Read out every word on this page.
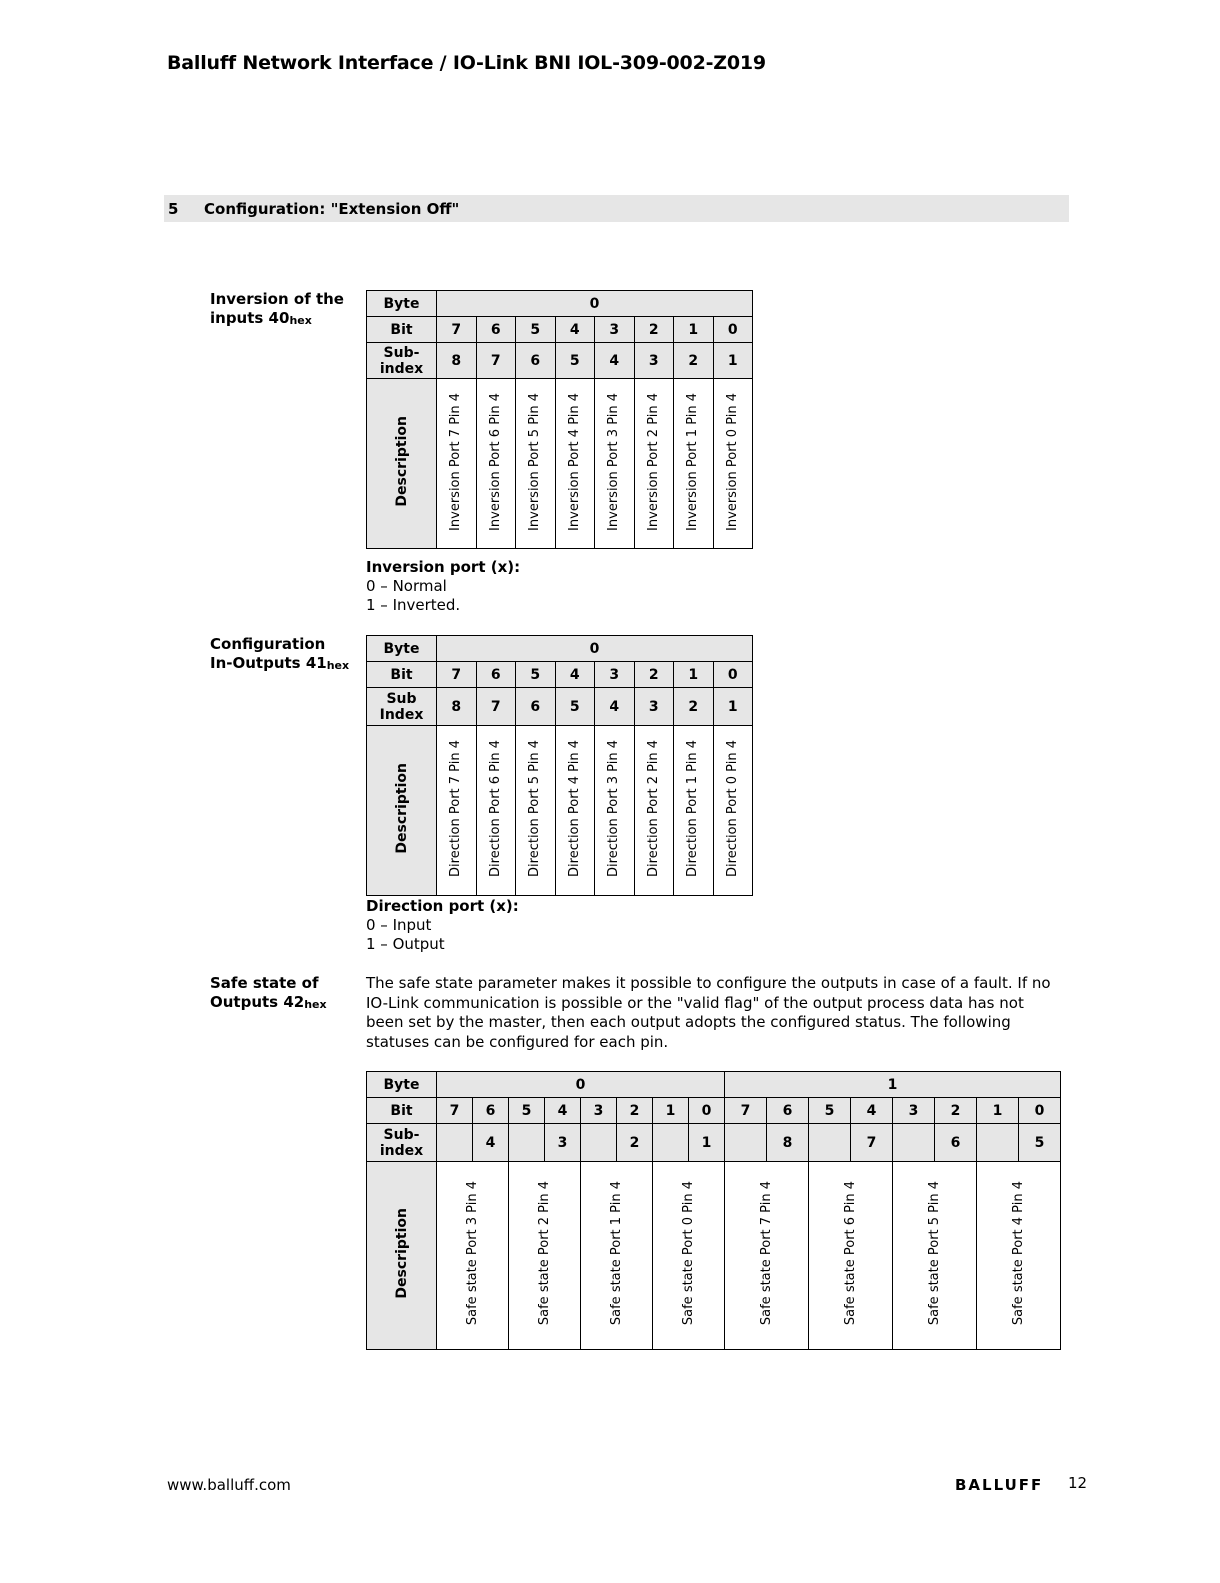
Balluff Network Interface / IO-Link BNI IOL-309-002-Z019
5 Configuration: "Extension Off"
Inversion of the
inputs $40_{hex}$
Byte	0							
Bit	7	6	5	4	3	2	1	0
Sub-
index	8	7	6	5	4	3	2	1
Description	Inversion Port 7 Pin 4	Inversion Port 6 Pin 4	Inversion Port 5 Pin 4	Inversion Port 4 Pin 4	Inversion Port 3 Pin 4	Inversion Port 2 Pin 4	Inversion Port 1 Pin 4	Inversion Port 0 Pin 4
Inversion port (x):
0 – Normal
1 – Inverted.
Configuration
In-Outputs $41_{hex}$
Byte	0							
Bit	7	6	5	4	3	2	1	0
Sub
Index	8	7	6	5	4	3	2	1
Description	Direction Port 7 Pin 4	Direction Port 6 Pin 4	Direction Port 5 Pin 4	Direction Port 4 Pin 4	Direction Port 3 Pin 4	Direction Port 2 Pin 4	Direction Port 1 Pin 4	Direction Port 0 Pin 4
Direction port (x):
0 – Input
1 – Output
Safe state of
Outputs $42_{hex}$
The safe state parameter makes it possible to configure the outputs in case of a fault. If no IO-Link communication is possible or the "valid flag" of the output process data has not been set by the master, then each output adopts the configured status. The following statuses can be configured for each pin.
Byte	0								1							
Bit	7	6	5	4	3	2	1	0	7	6	5	4	3	2	1	0
Sub-
index		4		3		2		1		8		7		6		5
Description	Safe state Port 3 Pin 4		Safe state Port 2 Pin 4		Safe state Port 1 Pin 4		Safe state Port 0 Pin 4		Safe state Port 7 Pin 4		Safe state Port 6 Pin 4		Safe state Port 5 Pin 4		Safe state Port 4 Pin 4	
www.balluff.com	BALLUFF 12
